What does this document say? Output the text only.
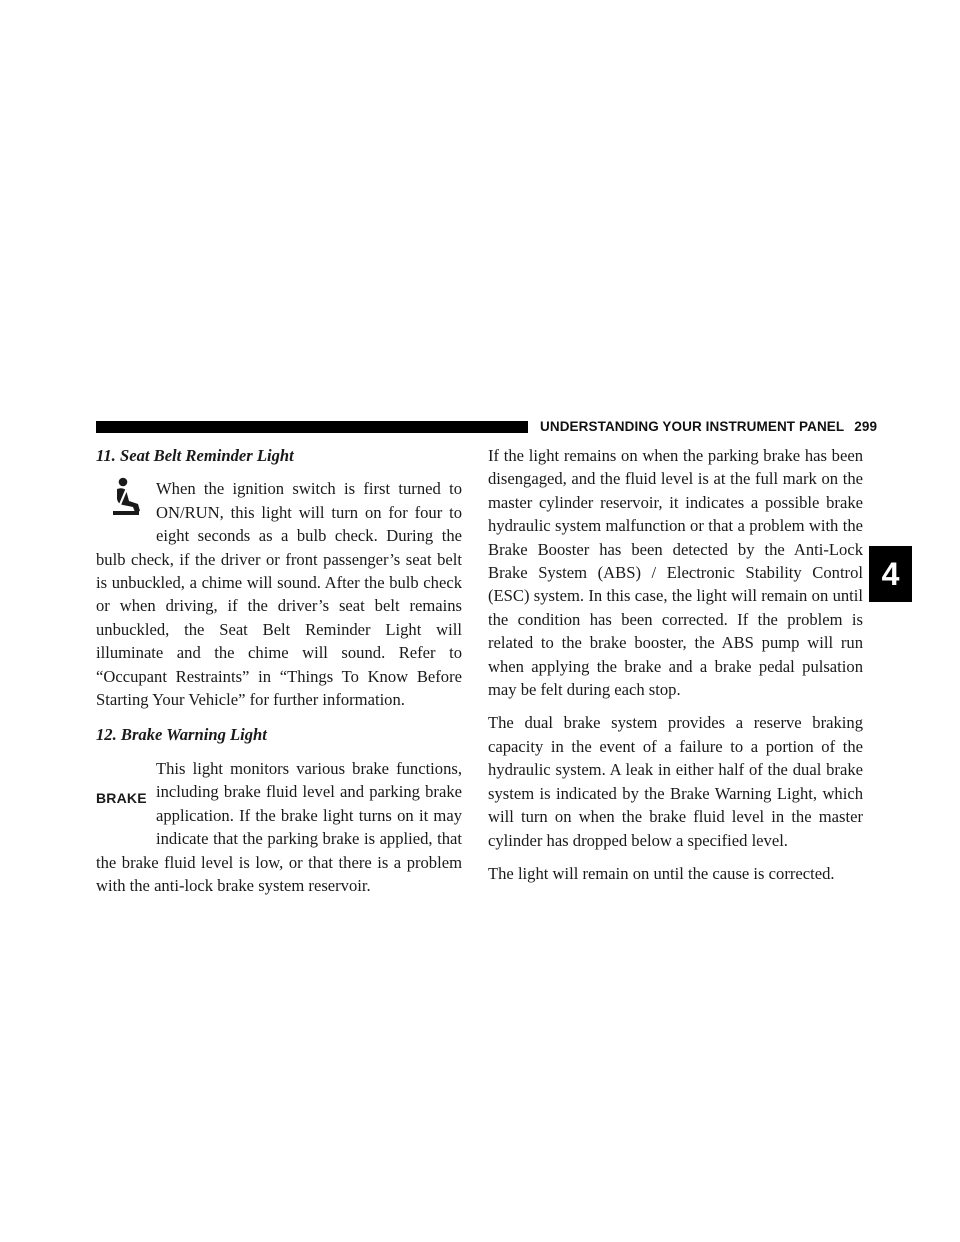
UNDERSTANDING YOUR INSTRUMENT PANEL 299
4

11. Seat Belt Reminder Light

When the ignition switch is first turned to ON/RUN, this light will turn on for four to eight seconds as a bulb check. During the bulb check, if the driver or front passenger’s seat belt is unbuckled, a chime will sound. After the bulb check or when driving, if the driver’s seat belt remains unbuckled, the Seat Belt Reminder Light will illuminate and the chime will sound. Refer to “Occupant Restraints” in “Things To Know Before Starting Your Vehicle” for further information.

12. Brake Warning Light

BRAKE

This light monitors various brake functions, including brake fluid level and parking brake application. If the brake light turns on it may indicate that the parking brake is applied, that the brake fluid level is low, or that there is a problem with the anti-lock brake system reservoir.

If the light remains on when the parking brake has been disengaged, and the fluid level is at the full mark on the master cylinder reservoir, it indicates a possible brake hydraulic system malfunction or that a problem with the Brake Booster has been detected by the Anti-Lock Brake System (ABS) / Electronic Stability Control (ESC) system. In this case, the light will remain on until the condition has been corrected. If the problem is related to the brake booster, the ABS pump will run when applying the brake and a brake pedal pulsation may be felt during each stop.

The dual brake system provides a reserve braking capacity in the event of a failure to a portion of the hydraulic system. A leak in either half of the dual brake system is indicated by the Brake Warning Light, which will turn on when the brake fluid level in the master cylinder has dropped below a specified level.

The light will remain on until the cause is corrected.
